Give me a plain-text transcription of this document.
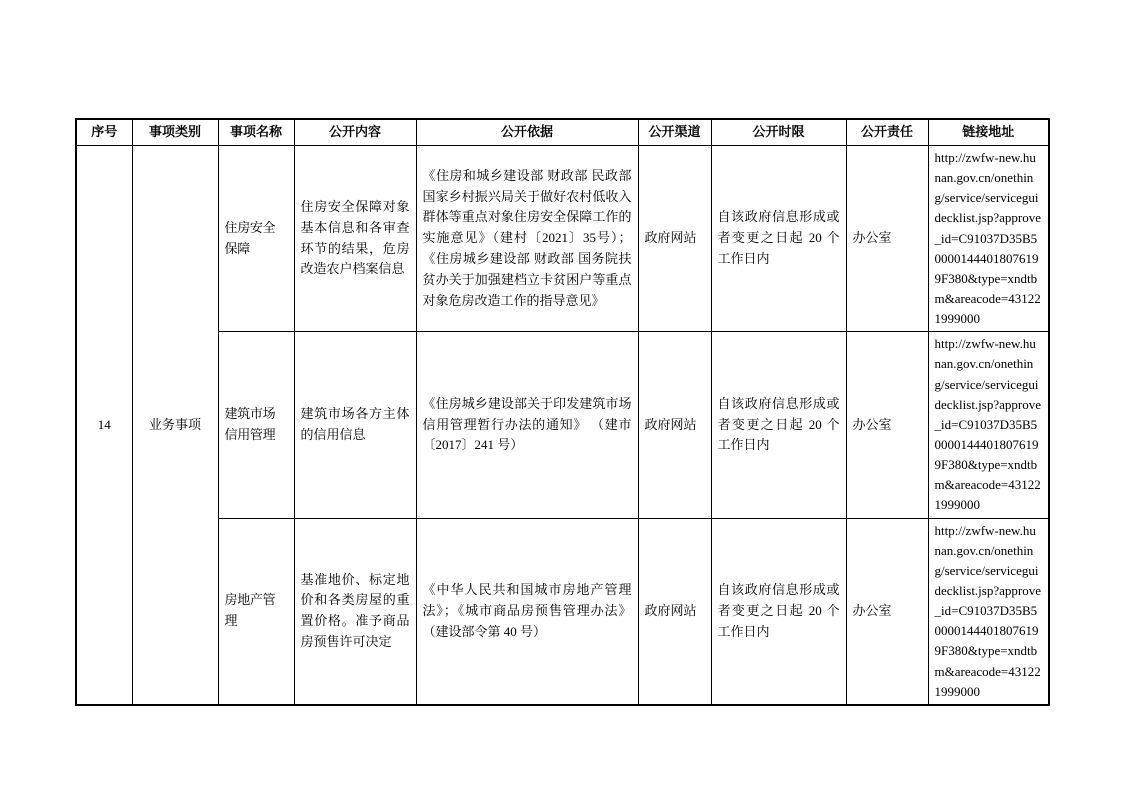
序号	事项类别	事项名称	公开内容	公开依据	公开渠道	公开时限	公开责任	链接地址
14	业务事项	住房安全保障	住房安全保障对象基本信息和各审查环节的结果，危房改造农户档案信息	《住房和城乡建设部 财政部 民政部 国家乡村振兴局关于做好农村低收入群体等重点对象住房安全保障工作的实施意见》（建村〔2021〕35号）；《住房城乡建设部 财政部 国务院扶贫办关于加强建档立卡贫困户等重点对象危房改造工作的指导意见》	政府网站	自该政府信息形成或者变更之日起 20 个工作日内	办公室	http://zwfw-new.hunan.gov.cn/onething/service/serviceguidecklist.jsp?approve_id=C91037D35B500001444018076199F380&type=xndtbm&areacode=431221999000
		建筑市场信用管理	建筑市场各方主体的信用信息	《住房城乡建设部关于印发建筑市场信用管理暂行办法的通知》 （建市〔2017〕241 号）	政府网站	自该政府信息形成或者变更之日起 20 个工作日内	办公室	http://zwfw-new.hunan.gov.cn/onething/service/serviceguidecklist.jsp?approve_id=C91037D35B500001444018076199F380&type=xndtbm&areacode=431221999000
		房地产管理	基准地价、标定地价和各类房屋的重置价格。准予商品房预售许可决定	《中华人民共和国城市房地产管理法》；《城市商品房预售管理办法》（建设部令第 40 号）	政府网站	自该政府信息形成或者变更之日起 20 个工作日内	办公室	http://zwfw-new.hunan.gov.cn/onething/service/serviceguidecklist.jsp?approve_id=C91037D35B500001444018076199F380&type=xndtbm&areacode=431221999000
